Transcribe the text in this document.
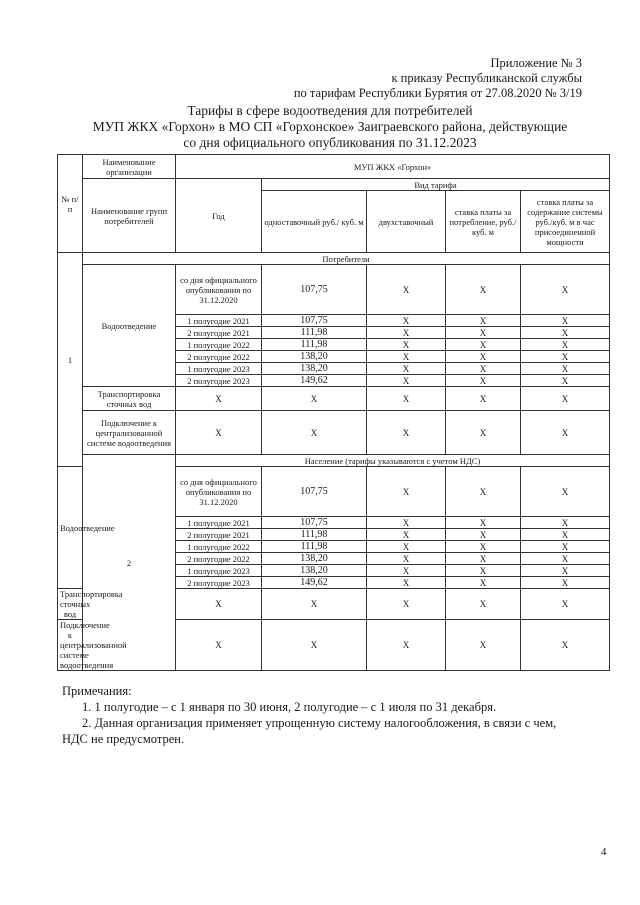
Приложение № 3
к приказу Республиканской службы
по тарифам Республики Бурятия от 27.08.2020 № 3/19
Тарифы в сфере водоотведения для потребителей
МУП ЖКХ «Горхон» в МО СП «Горхонское» Заиграевского района, действующие
со дня официального опубликования по 31.12.2023
№ п/п	Наименование организации	МУП ЖКХ «Горхон»				
	Наименование групп потребителей	Год	Вид тарифа			
			одноставочный руб./ куб. м	двухставочный	ставка платы за потребление, руб./ куб. м	ставка платы за содержание системы руб./куб. м в час присоединенной мощности
1	Потребители					
	Водоотведение	со дня официального опубликования по 31.12.2020	107,75	X	X	X
		1 полугодие 2021	107,75	X	X	X
		2 полугодие 2021	111,98	X	X	X
		1 полугодие 2022	111,98	X	X	X
		2 полугодие 2022	138,20	X	X	X
		1 полугодие 2023	138,20	X	X	X
		2 полугодие 2023	149,62	X	X	X
	Транспортировка сточных вод	X	X	X	X	X
	Подключение к централизованной системе водоотведения	X	X	X	X	X
	2	Население (тарифы указываются с учетом НДС)				
Водоотведение		со дня официального опубликования по 31.12.2020	107,75	X	X	X
		1 полугодие 2021	107,75	X	X	X
		2 полугодие 2021	111,98	X	X	X
		1 полугодие 2022	111,98	X	X	X
		2 полугодие 2022	138,20	X	X	X
		1 полугодие 2023	138,20	X	X	X
		2 полугодие 2023	149,62	X	X	X
Транспортировка сточных вод		X	X	X	X	X
Подключение к централизованной системе водоотведения		X	X	X	X	X

Примечания:

1. 1 полугодие – с 1 января по 30 июня, 2 полугодие – с 1 июля по 31 декабря.

2. Данная организация применяет упрощенную систему налогообложения, в связи с чем,

НДС не предусмотрен.

4
